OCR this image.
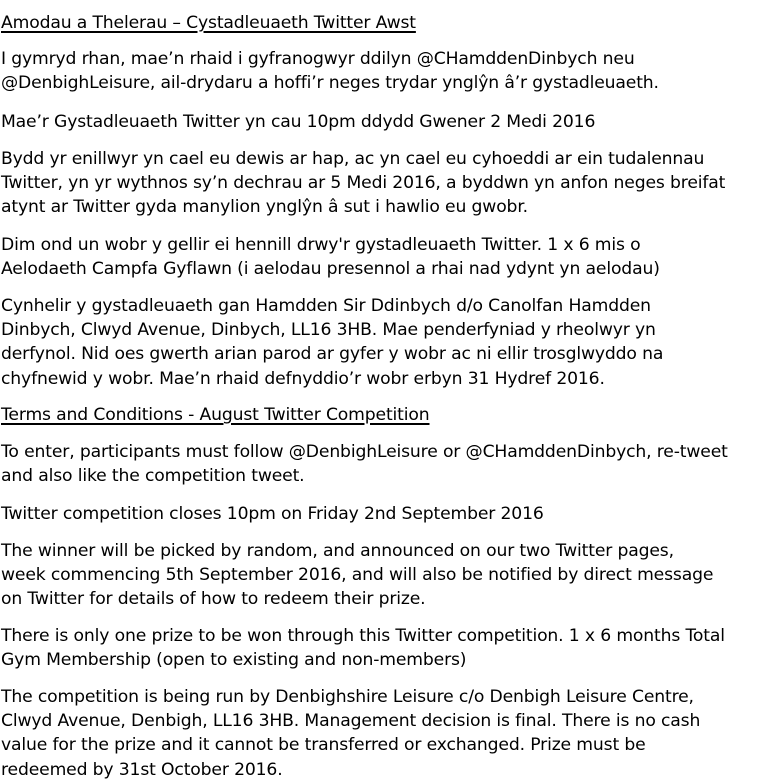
Amodau a Thelerau – Cystadleuaeth Twitter Awst
I gymryd rhan, mae’n rhaid i gyfranogwyr ddilyn @CHamddenDinbych neu
@DenbighLeisure, ail-drydaru a hoffi’r neges trydar ynglŷn â’r gystadleuaeth.
Mae’r Gystadleuaeth Twitter yn cau 10pm ddydd Gwener 2 Medi 2016
Bydd yr enillwyr yn cael eu dewis ar hap, ac yn cael eu cyhoeddi ar ein tudalennau
Twitter, yn yr wythnos sy’n dechrau ar 5 Medi 2016, a byddwn yn anfon neges breifat
atynt ar Twitter gyda manylion ynglŷn â sut i hawlio eu gwobr.
Dim ond un wobr y gellir ei hennill drwy'r gystadleuaeth Twitter. 1 x 6 mis o
Aelodaeth Campfa Gyflawn (i aelodau presennol a rhai nad ydynt yn aelodau)
Cynhelir y gystadleuaeth gan Hamdden Sir Ddinbych d/o Canolfan Hamdden
Dinbych, Clwyd Avenue, Dinbych, LL16 3HB. Mae penderfyniad y rheolwyr yn
derfynol. Nid oes gwerth arian parod ar gyfer y wobr ac ni ellir trosglwyddo na
chyfnewid y wobr. Mae’n rhaid defnyddio’r wobr erbyn 31 Hydref 2016.
Terms and Conditions - August Twitter Competition
To enter, participants must follow @DenbighLeisure or @CHamddenDinbych, re-tweet
and also like the competition tweet.
Twitter competition closes 10pm on Friday 2nd September 2016
The winner will be picked by random, and announced on our two Twitter pages,
week commencing 5th September 2016, and will also be notified by direct message
on Twitter for details of how to redeem their prize.
There is only one prize to be won through this Twitter competition. 1 x 6 months Total
Gym Membership (open to existing and non-members)
The competition is being run by Denbighshire Leisure c/o Denbigh Leisure Centre,
Clwyd Avenue, Denbigh, LL16 3HB. Management decision is final. There is no cash
value for the prize and it cannot be transferred or exchanged. Prize must be
redeemed by 31st October 2016.
